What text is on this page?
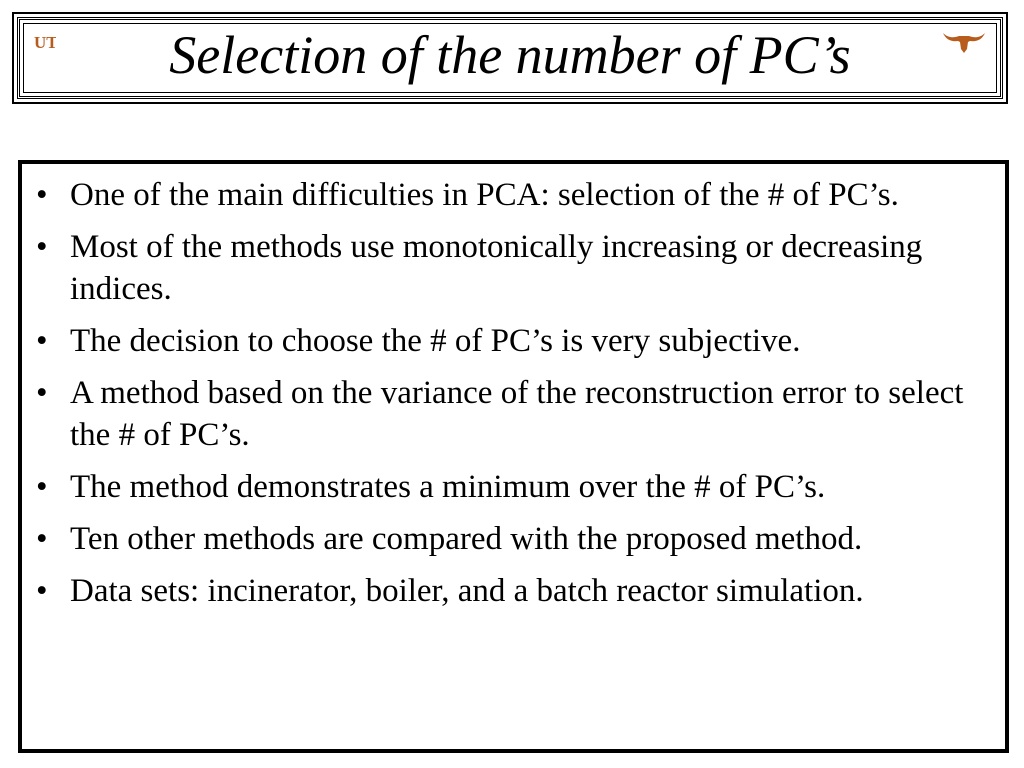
UT Selection of the number of PC’s
• One of the main difficulties in PCA: selection of the # of PC’s.
• Most of the methods use monotonically increasing or decreasing indices.
• The decision to choose the # of PC’s is very subjective.
• A method based on the variance of the reconstruction error to select the # of PC’s.
• The method demonstrates a minimum over the # of PC’s.
• Ten other methods are compared with the proposed method.
• Data sets: incinerator, boiler, and a batch reactor simulation.
